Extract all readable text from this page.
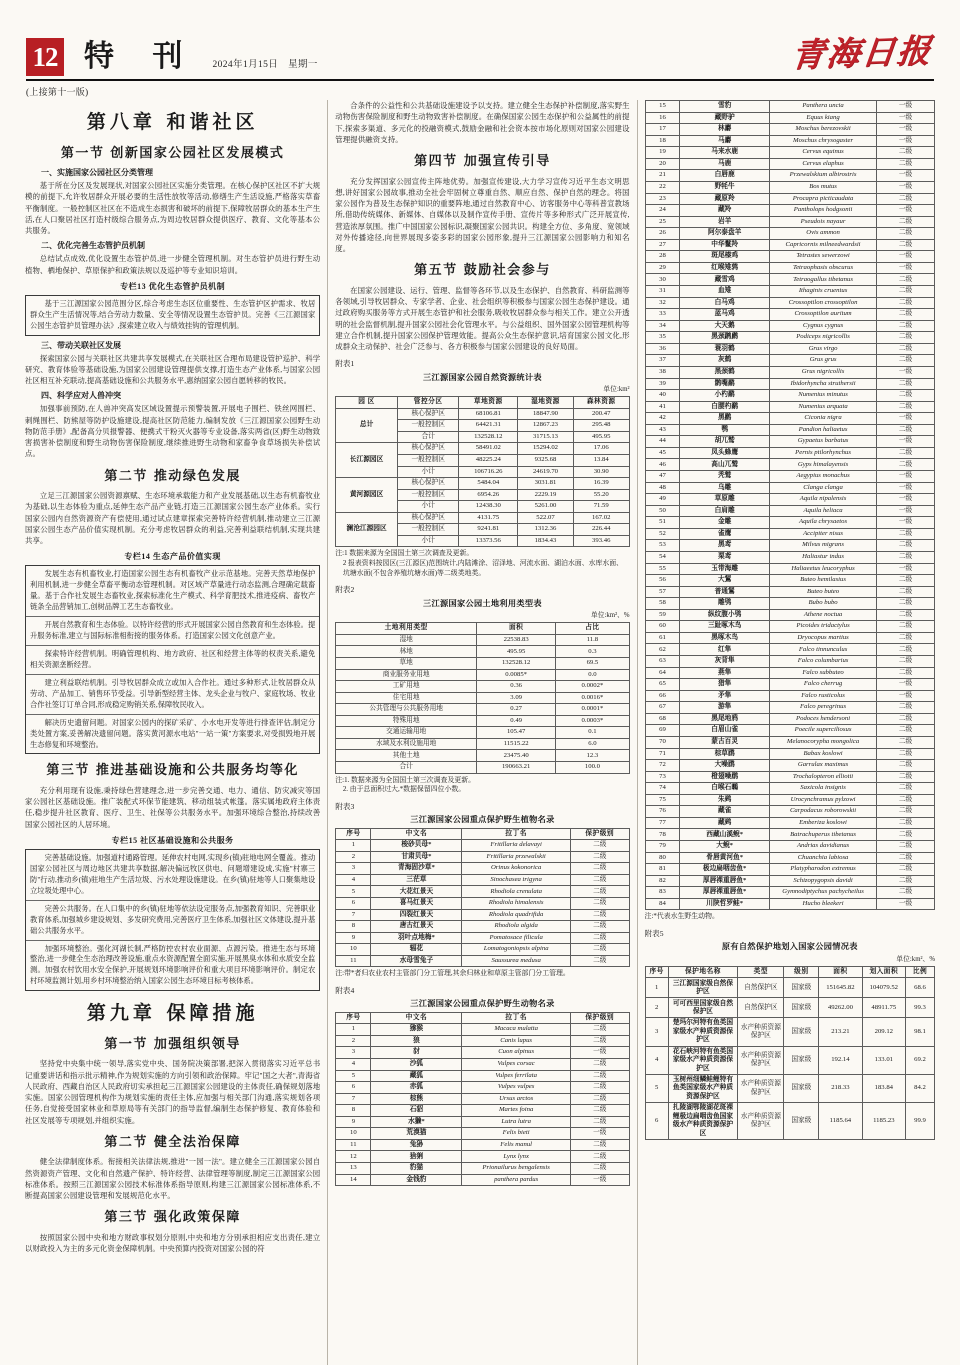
12 特 刊 2024年1月15日　星期一	青海日报
(上接第十一版)
第八章 和谐社区
第一节 创新国家公园社区发展模式
一、实施国家公园社区分类管理

基于所在分区及发展现状,对国家公园社区实施分类管理。在核心保护区社区不扩大规模的前提下,允许牧居群众开展必要的生活性放牧等活动,修缮生产生活设施,严格落实草畜平衡制度。一般控制区社区在不造成生态损害和破坏的前提下,保障牧居群众的基本生产生活,在人口聚居社区打造村级综合服务点,为周边牧居群众提供医疗、教育、文化等基本公共服务。

二、优化完善生态管护员机制

总结试点成效,优化设置生态管护员,进一步健全管理机制。对生态管护员进行野生动植物、栖地保护、草原保护和政策法规以及巡护等专业知识培训。

专栏13 优化生态管护员机制

基于三江源国家公园范围分区,综合考虑生态区位重要性、生态管护区护需求、牧居群众生产生活情况等,结合劳动力数量、安全等情况设置生态管护员。完善《三江源国家公园生态管护员管理办法》,探索建立收入与绩效挂钩的管理机制。

三、带动关联社区发展

探索国家公园与关联社区共建共享发展模式,在关联社区合理布局建设管护巡护、科学研究、教育体验等基础设施,为国家公园建设管理提供支撑,打造生态产业体系,与国家公园社区相互补充联动,提高基础设施和公共服务水平,惠纳国家公园自愿转移的牧民。

四、科学应对人兽冲突

加强事前预防,在人兽冲突高发区域设置提示预警装置,开展电子围栏、铁丝网围栏、刺绳围栏、防熊屋等防护设施建设,提高社区防范能力,编制发放《三江源国家公园野生动物防范手册》,配备高分贝报警器、便携式干粉灭火器等专业设备,落实两省(区)野生动物致害损害补偿制度和野生动物伤害保险制度,继续推进野生动物和家畜争食草场损失补偿试点。

第二节 推动绿色发展

立足三江源国家公园资源禀赋、生态环境承载能力和产业发展基础,以生态有机畜牧业为基础,以生态体验为重点,延伸生态产品产业链,打造三江源国家公园生态产业体系。实行国家公园内自然资源资产有偿使用,通过试点建章探索完善特许经营机制,推动建立三江源国家公园生态产品价值实现机制。充分考虑牧居群众的利益,完善利益联结机制,实现共建共享。

专栏14 生态产品价值实现

发展生态有机畜牧业,打造国家公园生态有机畜牧产业示范基地。完善天然草地保护利用机制,进一步健全草畜平衡动态管理机制。对区域产草量进行动态监测,合理确定载畜量。基于合作社发展生态畜牧业,探索标准化生产模式、科学育肥技术,推进疫病、畜牧产链条全品营销加工,创树品牌工艺生态畜牧业。

开展自然教育和生态体验。以特许经营的形式开展国家公园自然教育和生态体验。提升服务标准,建立与国际标准相衔接的服务体系。打造国家公园文化创意产业。

探索特许经营机制。明确管理机构、地方政府、社区和经营主体等的权责关系,避免相关资源垄断经营。

建立利益联结机制。引导牧居群众成立或加入合作社。通过多种形式,让牧居群众从劳动、产品加工、销售环节受益。引导新型经营主体、龙头企业与牧户、家庭牧场、牧业合作社签订订单合同,形成稳定购销关系,保障牧民收入。

解决历史遗留问题。对国家公园内的探矿采矿、小水电开发等进行排查评估,制定分类处置方案,妥善解决遗留问题。落实黄河源水电站"一站一策"方案要求,对受损毁地开展生态修复和环境整治。

第三节 推进基础设施和公共服务均等化

充分利用现有设施,秉持绿色营建理念,进一步完善交通、电力、通信、防灾减灾等国家公园社区基础设施。推广装配式环保节能建筑、移动组装式帐篷。落实属地政府主体责任,稳步提升社区教育、医疗、卫生、社保等公共服务水平。加强环境综合整治,持续改善国家公园社区的人居环境。

专栏15 社区基础设施和公共服务

完善基础设施。加强道村通路管理。延伸农村电网,实现乡(镇)驻地电网全覆盖。推动国家公园社区与周边地区共建共享数据,解决偏远牧区供电、问题增建设成,实施"村寨三防"行动,推动乡(镇)驻地生产生活垃圾、污水处理设施建设。在乡(镇)驻地等人口聚集地设立垃圾处理中心。

完善公共服务。在人口集中的乡(镇)驻地等依法设定服务点,加强教育知识、完善职业教育体系,加强城乡建设规划、多发研究费用,完善医疗卫生体系,加强社区文体建设,提升基础公共服务水平。

加强环境整治。强化河湖长制,严格防控农村农业面源、点源污染。推进生态与环境整治,进一步健全生态治理改善设施,重点水资源配置全面实施,开展黑臭水体和水质安全监测。加强农村饮用水安全保护,开展规划环境影响评价和重大项目环境影响评价。制定农村环境监测计划,用乡村环境整治纳入国家公园生态环境目标考核体系。

第九章 保障措施
第一节 加强组织领导

坚持党中央集中统一领导,落实党中央、国务院决策部署,把深入贯彻落实习近平总书记重要讲话和指示批示精神,作为规划实施的方向引领和政治保障。牢记"国之大者",青海省人民政府、西藏自治区人民政府切实承担起三江源国家公园建设的主体责任,确保规划落地实施。国家公园管理机构作为规划实施的责任主体,应加强与相关部门沟通,落实规划各项任务,自觉接受国家林业和草原局等有关部门的指导监督,编制生态保护修复、教育体验和社区发展等专项规划,并组织实施。

第二节 健全法治保障

健全法律制度体系。衔接相关法律法规,推进"一园一法"。建立健全三江源国家公园自然资源资产管理、文化和自然遗产保护、特许经营、法律管理等制度,制定三江源国家公园标准体系。按照三江源国家公园技术标准体系指导原则,构建三江源国家公园标准体系,不断提高国家公园建设管理和发展规范化水平。

第三节 强化政策保障

按照国家公园中央和地方财政事权划分原则,中央和地方分别承担相应支出责任,建立以财政投入为主的多元化资金保障机制。中央预算内投资对国家公园的符

合条件的公益性和公共基础设施建设予以支持。建立健全生态保护补偿制度,落实野生动物伤害保险制度和野生动物致害补偿制度。在确保国家公园生态保护和公益属性的前提下,探索多渠道、多元化的投融资模式,鼓励金融和社会资本按市场化原则对国家公园建设管理提供融资支持。

第四节 加强宣传引导

充分发挥国家公园宣传主阵地优势。加强宣传建设,大力学习宣传习近平生态文明思想,讲好国家公园故事,推动全社会牢固树立尊重自然、顺应自然、保护自然的理念。将国家公园作为普及生态保护知识的重要阵地,通过自然教育中心、访客服务中心等科普宣教场所,借助传统媒体、新媒体、自媒体以及制作宣传手册、宣传片等多种形式广泛开展宣传,营造浓厚氛围。推广中国国家公园标识,凝聚国家公园共识。构建全方位、多角度、宽领域对外传播途径,向世界展现多姿多彩的国家公园形象,提升三江源国家公园影响力和知名度。

第五节 鼓励社会参与

在国家公园建设、运行、管理、监督等各环节,以及生态保护、自然教育、科研监测等各领域,引导牧居群众、专家学者、企业、社会组织等积极参与国家公园生态保护建设。通过政府购买服务等方式开展生态管护和社会服务,吸收牧居群众参与相关工作。建立公开透明的社会监督机制,提升国家公园社会化管理水平。与公益组织、国外国家公园管理机构等建立合作机制,提升国家公园保护管理效能。提高公众生态保护意识,培育国家公园文化,形成群众主动保护、社会广泛参与、各方积极参与国家公园建设的良好局面。

附表1
三江源国家公园自然资源统计表
单位:km²
园 区	管控分区	草地资源	湿地资源	森林资源
总计	核心保护区	68106.81	18847.90	200.47
	一般控制区	64421.31	12867.23	295.48
	合计	132528.12	31715.13	495.95
长江源园区	核心保护区	58491.02	15294.02	17.06
	一般控制区	48225.24	9325.68	13.84
	小计	106716.26	24619.70	30.90
黄河源园区	核心保护区	5484.04	3031.81	16.39
	一般控制区	6954.26	2229.19	55.20
	小计	12438.30	5261.00	71.59
澜沧江源园区	核心保护区	4131.75	522.07	167.02
	一般控制区	9241.81	1312.36	226.44
	小计	13373.56	1834.43	393.46
注:1 数据来源为全国国土第三次调查及更新。
2 报表资料按园区(三江源区)范围统计,内陆滩涂、沼泽地、河流水面、湖泊水面、水库水面、坑塘水面(不包含养殖坑塘水面)等二级类地类。
附表2
三江源国家公园土地利用类型表
单位:km²、%
土地利用类型	面积	占比
湿地	22538.83	11.8
林地	495.95	0.3
草地	132528.12	69.5
商业服务业用地	0.0085*	0.0
工矿用地	0.36	0.0002*
住宅用地	3.09	0.0016*
公共管理与公共服务用地	0.27	0.0001*
特殊用地	0.49	0.0003*
交通运输用地	105.47	0.1
水域及水利设施用地	11515.22	6.0
其他土地	23475.40	12.3
合计	190663.21	100.0
注:1. 数据来源为全国国土第三次调查及更新。
2. 由于总面积过大,*数据保留四位小数。
附表3
三江源国家公园重点保护野生植物名录
序号	中文名	拉丁名	保护级别
1	梭砂贝母*	Fritillaria delavayi	二级
2	甘肃贝母*	Fritillaria przewalskii	二级
3	青海固沙草*	Orinus kokonorica	二级
4	三茫草	Sinochasea trigyna	二级
5	大花红景天	Rhodiola crenulata	二级
6	喜马红景天	Rhodiola himalensis	二级
7	四裂红景天	Rhodiola quadrifida	二级
8	唐古红景天	Rhodiola algida	二级
9	羽叶点地梅*	Pomatosace filicula	二级
10	辐花	Lomatogoniopsis alpina	二级
11	水母雪兔子	Saussurea medusa	二级
注:带*者归农业农村主管部门分工管理,其余归林业和草原主管部门分工管理。
附表4
三江源国家公园重点保护野生动物名录
序号	中文名	拉丁名	保护级别
1	猕猴	Macaca mulatta	二级
2	狼	Canis lupus	二级
3	豺	Cuon alpinus	一级
4	沙狐	Vulpes corsac	二级
5	藏狐	Vulpes ferrilata	二级
6	赤狐	Vulpes vulpes	二级
7	棕熊	Ursus arctos	二级
8	石貂	Martes foina	二级
9	水獭*	Lutra lutra	二级
10	荒漠猫	Felis bieti	一级
11	兔狲	Felis manul	二级
12	猞猁	Lynx lynx	二级
13	豹猫	Prionailurus bengalensis	二级
14	金钱豹	panthera pardus	一级
15	雪豹	Panthera uncia	一级
16	藏野驴	Equus kiang	一级
17	林麝	Moschus berezovskii	一级
18	马麝	Moschus chrysogaster	一级
19	马来水鹿	Cervus equinus	二级
20	马鹿	Cervus elaphus	二级
21	白唇鹿	Przewalskium albirostris	一级
22	野牦牛	Bos mutus	一级
23	藏原羚	Procapra picticaudata	二级
24	藏羚	Pantholops hodgsonii	一级
25	岩羊	Pseudois nayaur	二级
26	阿尔泰盘羊	Ovis ammon	二级
27	中华鬣羚	Capricornis milneedwardsii	二级
28	斑尾榛鸡	Tetrastes sewerzowi	一级
29	红喉雉鹑	Tetraophasis obscurus	一级
30	藏雪鸡	Tetraogallus tibetanus	二级
31	血雉	Ithaginis cruentus	二级
32	白马鸡	Crossoptilon crossoptilon	二级
33	蓝马鸡	Crossoptilon auritum	二级
34	大天鹅	Cygnus cygnus	二级
35	黑颈䴙䴘	Podiceps nigricollis	二级
36	蓑羽鹤	Grus virgo	二级
37	灰鹤	Grus grus	二级
38	黑颈鹤	Grus nigricollis	一级
39	鹮嘴鹬	Ibidorhyncha struthersii	二级
40	小杓鹬	Numenius minutus	二级
41	白腰杓鹬	Numenius arquata	二级
42	黑鹳	Ciconia nigra	一级
43	鹗	Pandion haliaetus	二级
44	胡兀鹫	Gypaetus barbatus	一级
45	凤头蜂鹰	Pernis ptilorhynchus	二级
46	高山兀鹫	Gyps himalayensis	二级
47	秃鹫	Aegypius monachus	一级
48	乌雕	Clanga clanga	一级
49	草原雕	Aquila nipalensis	一级
50	白肩雕	Aquila heliaca	一级
51	金雕	Aquila chrysaetos	一级
52	雀鹰	Accipiter nisus	二级
53	黑鸢	Milvus migrans	二级
54	栗鸢	Haliastur indus	二级
55	玉带海雕	Haliaeetus leucoryphus	一级
56	大鵟	Buteo hemilasius	二级
57	普通鵟	Buteo buteo	二级
58	雕鸮	Bubo bubo	二级
59	纵纹腹小鸮	Athene noctua	二级
60	三趾啄木鸟	Picoides tridactylus	二级
61	黑啄木鸟	Dryocopus martius	二级
62	红隼	Falco tinnunculus	二级
63	灰背隼	Falco columbarius	二级
64	燕隼	Falco subbuteo	二级
65	猎隼	Falco cherrug	一级
66	矛隼	Falco rusticolus	一级
67	游隼	Falco peregrinus	二级
68	黑尾地鸦	Podoces hendersoni	二级
69	白眉山雀	Poecile superciliosus	二级
70	蒙古百灵	Melanocorypha mongolica	二级
71	棕草鹛	Babax koslowi	二级
72	大噪鹛	Garrulax maximus	二级
73	橙翅噪鹛	Trochalopteron elliotii	二级
74	白喉石䳭	Saxicola insignis	二级
75	朱鹀	Urocynchramus pylzowi	二级
76	藏雀	Carpodacus roborowskii	二级
77	藏鹀	Emberiza koslowi	二级
78	西藏山溪鲵*	Batrachuperus tibetanus	二级
79	大鲵*	Andrias davidianus	二级
80	骨唇黄河鱼*	Chuanchia labiosa	二级
81	极边扁咽齿鱼*	Platypharodon extremus	二级
82	厚唇裸重唇鱼*	Schizopygopsis davidi	二级
83	厚唇裸重唇鱼*	Gymnodiptychus pachycheilus	二级
84	川陕哲罗鲑*	Hucho bleekeri	一级
注:*代表水生野生动物。
附表5
原有自然保护地划入国家公园情况表
单位:km²、%
序号	保护地名称	类型	级别	面积	划入面积	比例
1	三江源国家级自然保护区	自然保护区	国家级	151645.82	104079.52	68.6
2	可可西里国家级自然保护区	自然保护区	国家级	49262.00	48911.75	99.3
3	楚玛尔河特有鱼类国家级水产种质资源保护区	水产种质资源保护区	国家级	213.21	209.12	98.1
4	花石峡河特有鱼类国家级水产种质资源保护区	水产种质资源保护区	国家级	192.14	133.01	69.2
5	玉树州细鳞鲑鲤特有鱼类国家级水产种质资源保护区	水产种质资源保护区	国家级	218.33	183.84	84.2
6	扎陵湖鄂陵湖花斑裸鲤极边扁咽齿鱼国家级水产种质资源保护区	水产种质资源保护区	国家级	1185.64	1185.23	99.9
